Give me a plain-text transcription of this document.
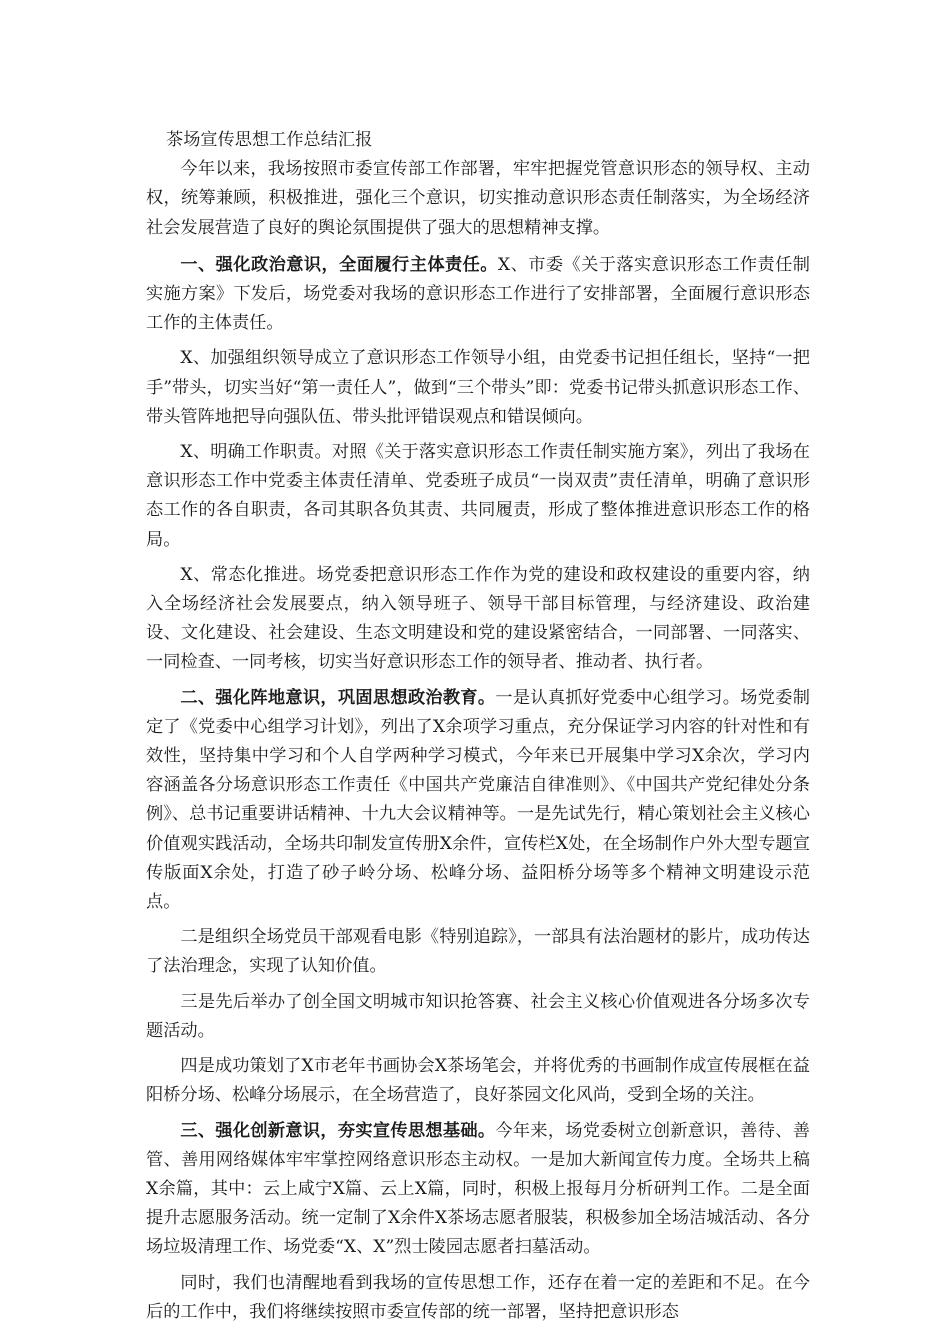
茶场宣传思想工作总结汇报

今年以来，我场按照市委宣传部工作部署，牢牢把握党管意识形态的领导权、主动权，统筹兼顾，积极推进，强化三个意识，切实推动意识形态责任制落实，为全场经济社会发展营造了良好的舆论氛围提供了强大的思想精神支撑。

一、强化政治意识，全面履行主体责任。X、市委《关于落实意识形态工作责任制实施方案》下发后，场党委对我场的意识形态工作进行了安排部署，全面履行意识形态工作的主体责任。

X、加强组织领导成立了意识形态工作领导小组，由党委书记担任组长，坚持“一把手”带头，切实当好“第一责任人”，做到“三个带头”即：党委书记带头抓意识形态工作、带头管阵地把导向强队伍、带头批评错误观点和错误倾向。

X、明确工作职责。对照《关于落实意识形态工作责任制实施方案》，列出了我场在意识形态工作中党委主体责任清单、党委班子成员“一岗双责”责任清单，明确了意识形态工作的各自职责，各司其职各负其责、共同履责，形成了整体推进意识形态工作的格局。

X、常态化推进。场党委把意识形态工作作为党的建设和政权建设的重要内容，纳入全场经济社会发展要点，纳入领导班子、领导干部目标管理，与经济建设、政治建设、文化建设、社会建设、生态文明建设和党的建设紧密结合，一同部署、一同落实、一同检查、一同考核，切实当好意识形态工作的领导者、推动者、执行者。

二、强化阵地意识，巩固思想政治教育。一是认真抓好党委中心组学习。场党委制定了《党委中心组学习计划》，列出了X余项学习重点，充分保证学习内容的针对性和有效性，坚持集中学习和个人自学两种学习模式，今年来已开展集中学习X余次，学习内容涵盖各分场意识形态工作责任《中国共产党廉洁自律准则》、《中国共产党纪律处分条例》、总书记重要讲话精神、十九大会议精神等。一是先试先行，精心策划社会主义核心价值观实践活动，全场共印制发宣传册X余件，宣传栏X处，在全场制作户外大型专题宣传版面X余处，打造了砂子岭分场、松峰分场、益阳桥分场等多个精神文明建设示范点。

二是组织全场党员干部观看电影《特别追踪》，一部具有法治题材的影片，成功传达了法治理念，实现了认知价值。

三是先后举办了创全国文明城市知识抢答赛、社会主义核心价值观进各分场多次专题活动。

四是成功策划了X市老年书画协会X茶场笔会，并将优秀的书画制作成宣传展框在益阳桥分场、松峰分场展示，在全场营造了，良好茶园文化风尚，受到全场的关注。

三、强化创新意识，夯实宣传思想基础。今年来，场党委树立创新意识，善待、善管、善用网络媒体牢牢掌控网络意识形态主动权。一是加大新闻宣传力度。全场共上稿X余篇，其中：云上咸宁X篇、云上X篇，同时，积极上报每月分析研判工作。二是全面提升志愿服务活动。统一定制了X余件X茶场志愿者服装，积极参加全场洁城活动、各分场垃圾清理工作、场党委“X、X”烈士陵园志愿者扫墓活动。

同时，我们也清醒地看到我场的宣传思想工作，还存在着一定的差距和不足。在今后的工作中，我们将继续按照市委宣传部的统一部署，坚持把意识形态
